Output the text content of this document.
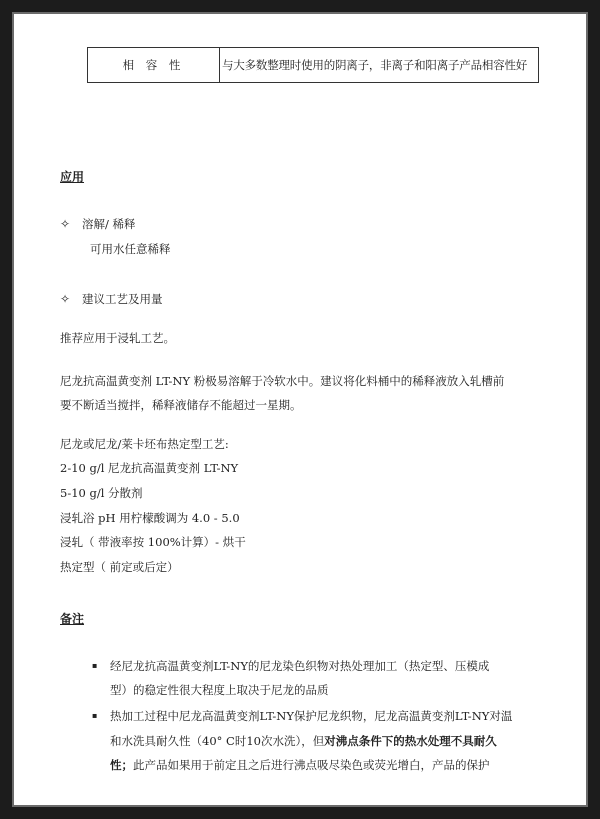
相 容 性	与大多数整理时使用的阴离子，非离子和阳离子产品相容性好
应用
✧ 溶解/ 稀释
可用水任意稀释
✧ 建议工艺及用量
推荐应用于浸轧工艺。
尼龙抗高温黄变剂 LT-NY 粉极易溶解于冷软水中。建议将化料桶中的稀释液放入轧槽前
要不断适当搅拌，稀释液储存不能超过一星期。
尼龙或尼龙/莱卡坯布热定型工艺:
2-10 g/l 尼龙抗高温黄变剂 LT-NY
5-10 g/l 分散剂
浸轧浴 pH 用柠檬酸调为 4.0 - 5.0
浸轧（ 带液率按 100%计算）- 烘干
热定型（ 前定或后定）
备注
▪ 经尼龙抗高温黄变剂LT-NY的尼龙染色织物对热处理加工（热定型、压模成
型）的稳定性很大程度上取决于尼龙的品质
▪ 热加工过程中尼龙高温黄变剂LT-NY保护尼龙织物，尼龙高温黄变剂LT-NY对温
和水洗具耐久性（40° C时10次水洗），但对沸点条件下的热水处理不具耐久
性；此产品如果用于前定且之后进行沸点吸尽染色或荧光增白，产品的保护
